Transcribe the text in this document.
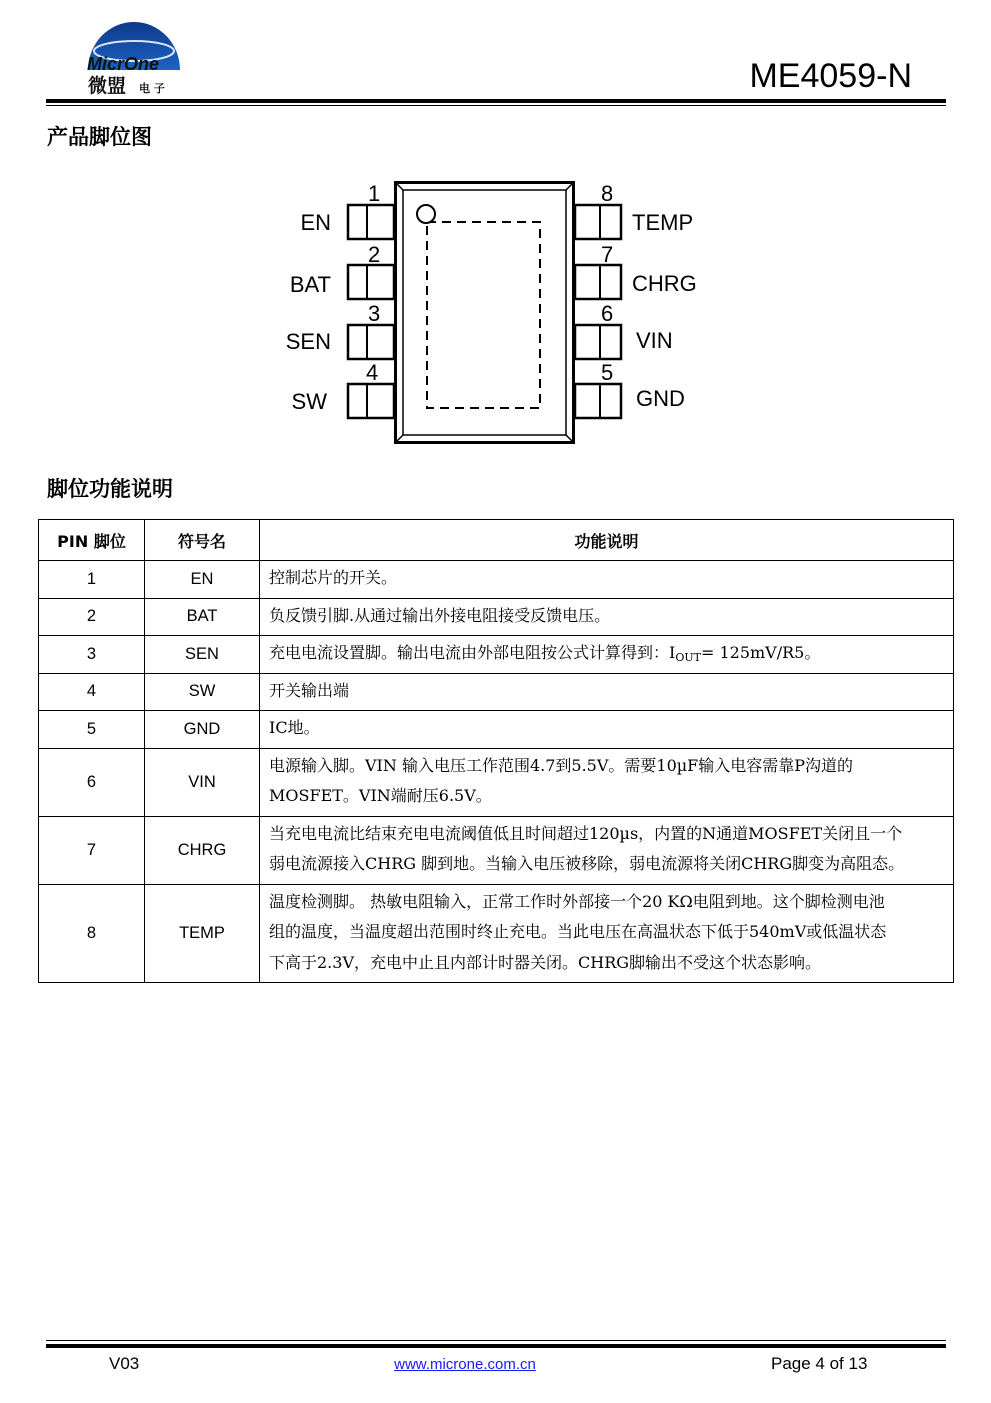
MicrOne
微盟 电 子	ME4059-N
产品脚位图
1
EN
2
BAT
3
SEN
4
SW
8
TEMP
7
CHRG
6
VIN
5
GND
脚位功能说明
PIN 脚位	符号名	功能说明
1	EN	控制芯片的开关。
2	BAT	负反馈引脚.从通过输出外接电阻接受反馈电压。
3	SEN	充电电流设置脚。输出电流由外部电阻按公式计算得到：$I_{OUT}= 125mV/R5$。
4	SW	开关输出端
5	GND	IC地。
6	VIN	电源输入脚。VIN 输入电压工作范围4.7到5.5V。需要10µF输入电容需靠P沟道的
MOSFET。VIN端耐压6.5V。

7	CHRG	当充电电流比结束充电电流阈值低且时间超过120µs，内置的N通道MOSFET关闭且一个
弱电流源接入CHRG 脚到地。当输入电压被移除，弱电流源将关闭CHRG脚变为高阻态。

8	TEMP	温度检测脚。 热敏电阻输入，正常工作时外部接一个20 KΩ电阻到地。这个脚检测电池
组的温度，当温度超出范围时终止充电。当此电压在高温状态下低于540mV或低温状态
下高于2.3V，充电中止且内部计时器关闭。CHRG脚输出不受这个状态影响。
V03	www.microne.com.cn	Page 4 of 13
